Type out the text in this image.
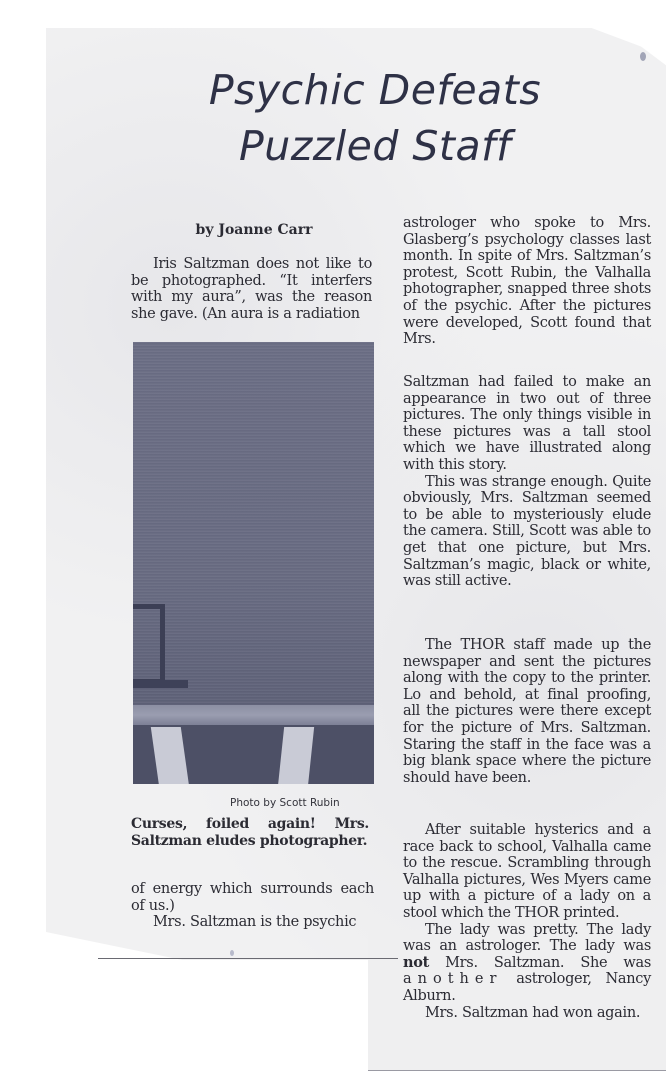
Psychic Defeats
Puzzled Staff
by Joanne Carr

Iris Saltzman does not like to be photographed. “It interfers with my aura”, was the reason she gave. (An aura is a radiation

Photo by Scott Rubin
Curses, foiled again! Mrs. Saltzman eludes photographer.

of energy which surrounds each of us.)

Mrs. Saltzman is the psychic

astrologer who spoke to Mrs. Glasberg’s psychology classes last month. In spite of Mrs. Saltzman’s protest, Scott Rubin, the Valhalla photographer, snapped three shots of the psychic. After the pictures were developed, Scott found that Mrs.

Saltzman had failed to make an appearance in two out of three pictures. The only things visible in these pictures was a tall stool which we have illustrated along with this story.

This was strange enough. Quite obviously, Mrs. Saltzman seemed to be able to mysteriously elude the camera. Still, Scott was able to get that one picture, but Mrs. Saltzman’s magic, black or white, was still active.

The THOR staff made up the newspaper and sent the pictures along with the copy to the printer. Lo and behold, at final proofing, all the pictures were there except for the picture of Mrs. Saltzman. Staring the staff in the face was a big blank space where the picture should have been.

After suitable hysterics and a race back to school, Valhalla came to the rescue. Scrambling through Valhalla pictures, Wes Myers came up with a picture of a lady on a stool which the THOR printed.

The lady was pretty. The lady was an astrologer. The lady was not Mrs. Saltzman. She was another astrologer, Nancy Alburn.

Mrs. Saltzman had won again.
